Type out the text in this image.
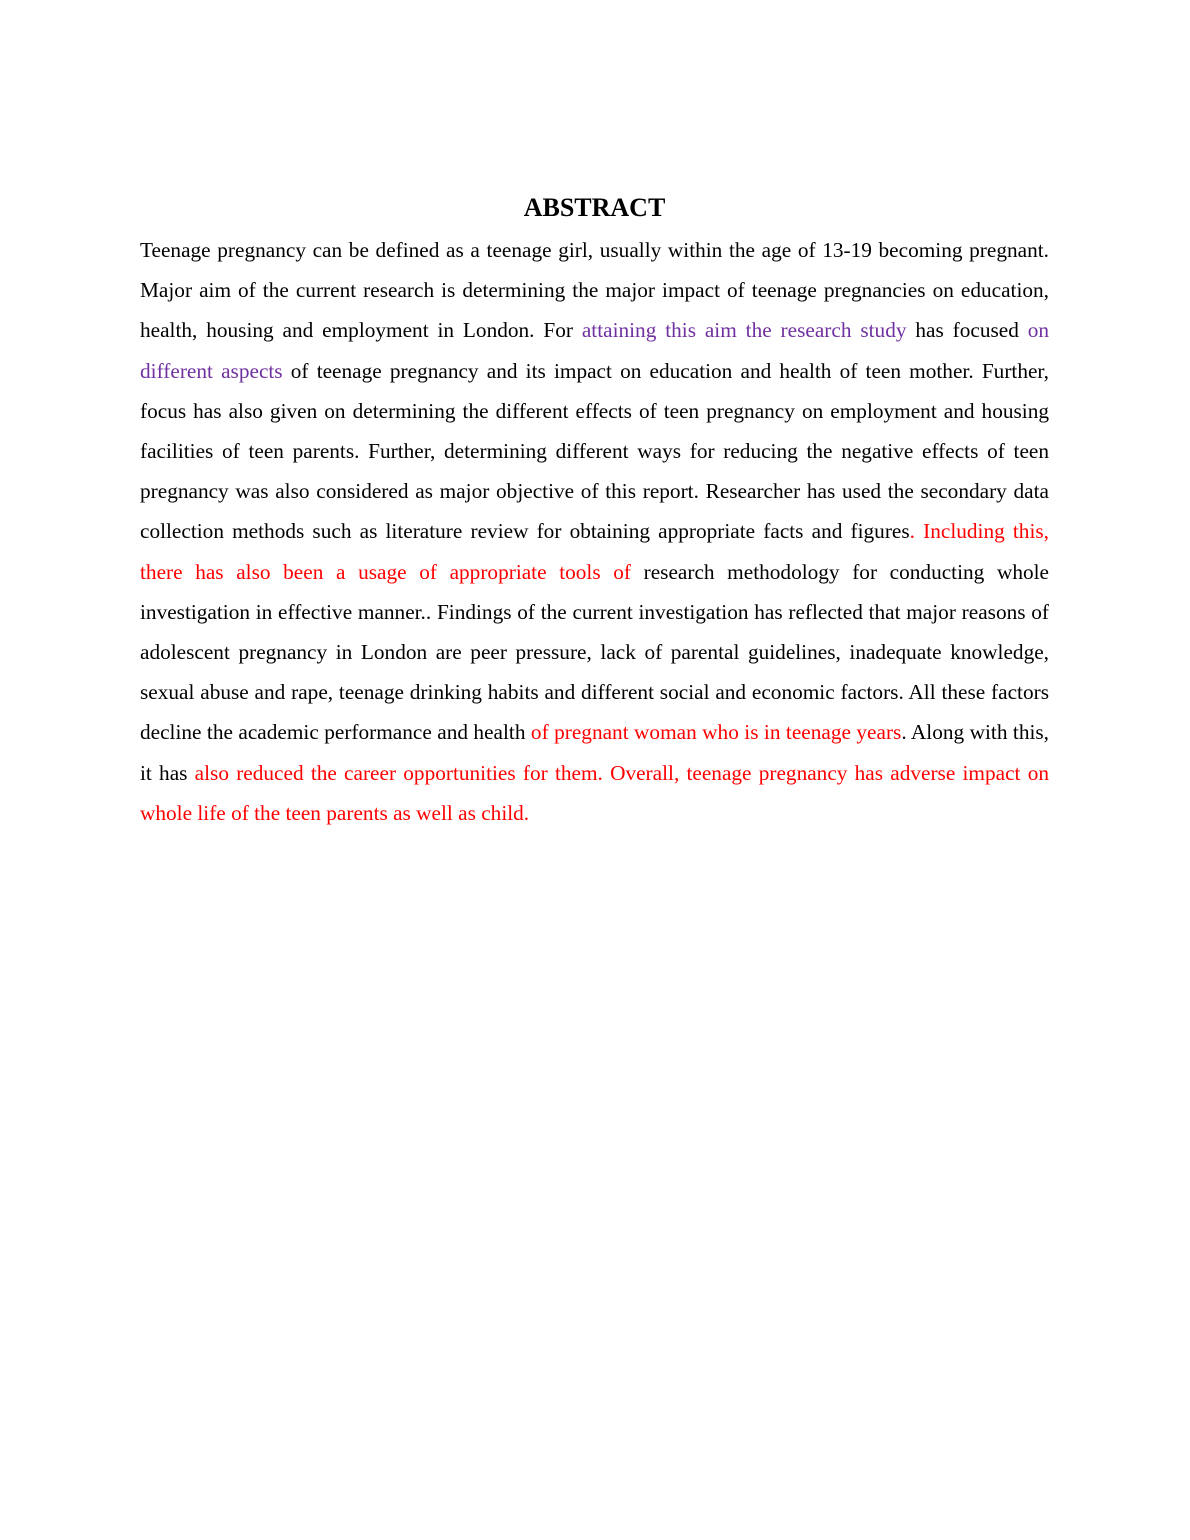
ABSTRACT

Teenage pregnancy can be defined as a teenage girl, usually within the age of 13-19 becoming pregnant. Major aim of the current research is determining the major impact of teenage pregnancies on education, health, housing and employment in London. For attaining this aim the research study has focused on different aspects of teenage pregnancy and its impact on education and health of teen mother. Further, focus has also given on determining the different effects of teen pregnancy on employment and housing facilities of teen parents. Further, determining different ways for reducing the negative effects of teen pregnancy was also considered as major objective of this report. Researcher has used the secondary data collection methods such as literature review for obtaining appropriate facts and figures. Including this, there has also been a usage of appropriate tools of research methodology for conducting whole investigation in effective manner.. Findings of the current investigation has reflected that major reasons of adolescent pregnancy in London are peer pressure, lack of parental guidelines, inadequate knowledge, sexual abuse and rape, teenage drinking habits and different social and economic factors. All these factors decline the academic performance and health of pregnant woman who is in teenage years. Along with this, it has also reduced the career opportunities for them. Overall, teenage pregnancy has adverse impact on whole life of the teen parents as well as child.
